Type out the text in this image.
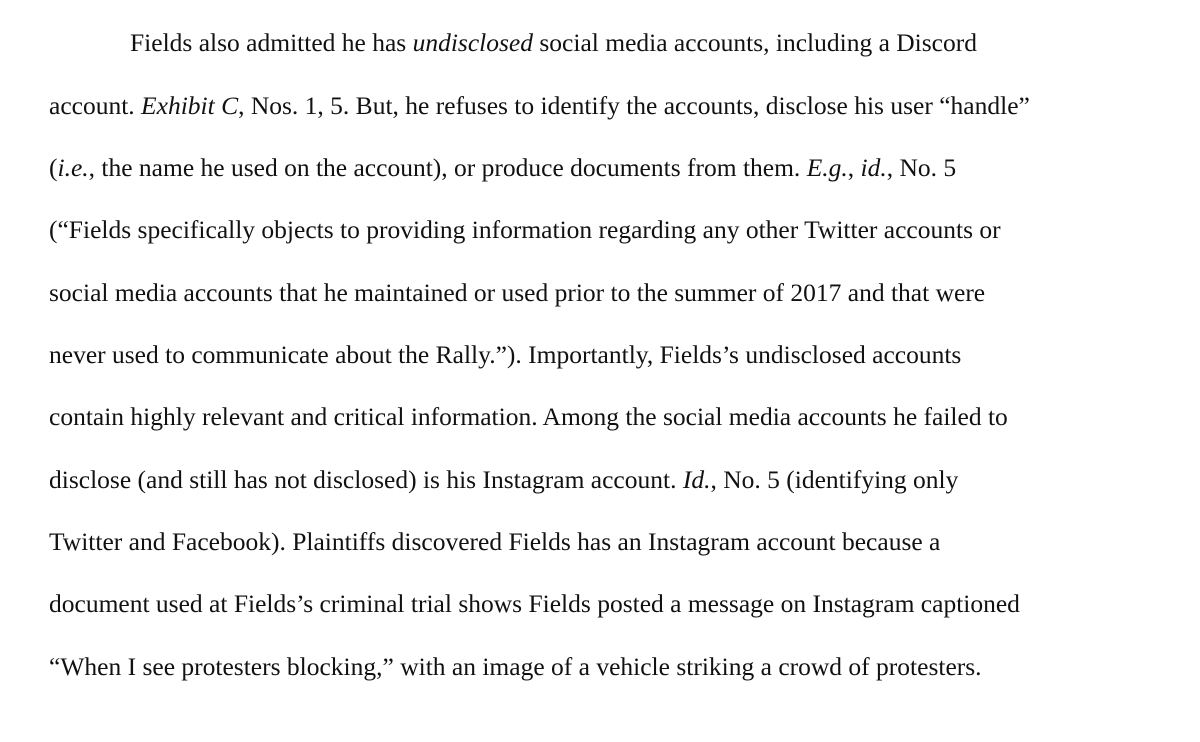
Fields also admitted he has undisclosed social media accounts, including a Discord
account. Exhibit C, Nos. 1, 5. But, he refuses to identify the accounts, disclose his user “handle”
(i.e., the name he used on the account), or produce documents from them. E.g., id., No. 5
(“Fields specifically objects to providing information regarding any other Twitter accounts or
social media accounts that he maintained or used prior to the summer of 2017 and that were
never used to communicate about the Rally.”). Importantly, Fields’s undisclosed accounts
contain highly relevant and critical information. Among the social media accounts he failed to
disclose (and still has not disclosed) is his Instagram account. Id., No. 5 (identifying only
Twitter and Facebook). Plaintiffs discovered Fields has an Instagram account because a
document used at Fields’s criminal trial shows Fields posted a message on Instagram captioned
“When I see protesters blocking,” with an image of a vehicle striking a crowd of protesters.
